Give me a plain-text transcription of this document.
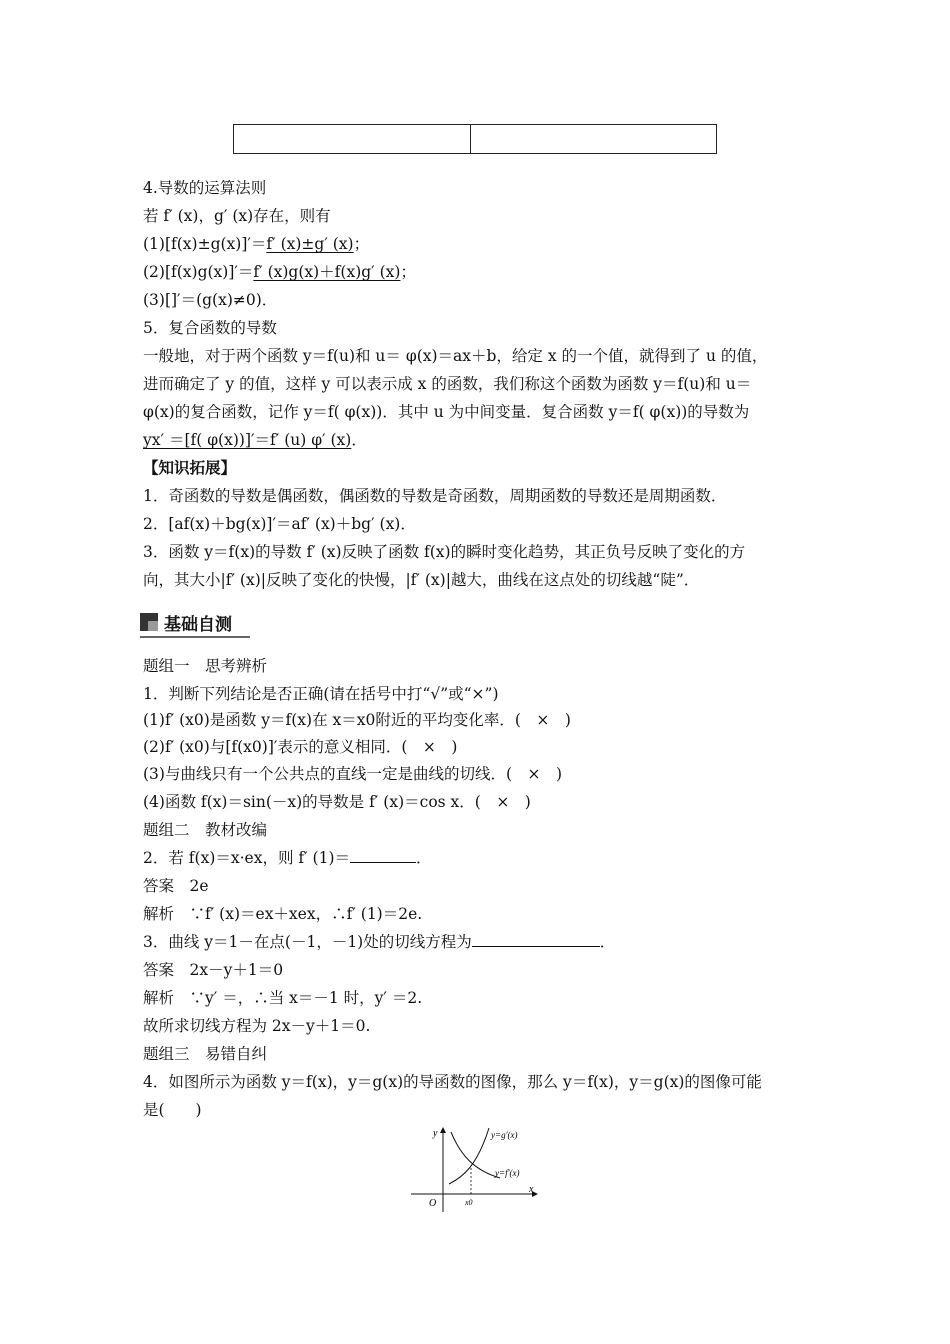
4.导数的运算法则
若 f′ (x)，g′ (x)存在，则有
(1)[f(x)±g(x)]′＝f′ (x)±g′ (x)；
(2)[f(x)g(x)]′＝f′ (x)g(x)＋f(x)g′ (x)；
(3)[]′＝(g(x)≠0)．
5．复合函数的导数
一般地，对于两个函数 y＝f(u)和 u＝ φ(x)＝ax＋b，给定 x 的一个值，就得到了 u 的值，
进而确定了 y 的值，这样 y 可以表示成 x 的函数，我们称这个函数为函数 y＝f(u)和 u＝
φ(x)的复合函数，记作 y＝f( φ(x))．其中 u 为中间变量．复合函数 y＝f( φ(x))的导数为
yx′ ＝[f( φ(x))]′＝f′ (u) φ′ (x)．
【知识拓展】
1．奇函数的导数是偶函数，偶函数的导数是奇函数，周期函数的导数还是周期函数．
2．[af(x)＋bg(x)]′＝af′ (x)＋bg′ (x)．
3．函数 y＝f(x)的导数 f′ (x)反映了函数 f(x)的瞬时变化趋势，其正负号反映了变化的方
向，其大小|f′ (x)|反映了变化的快慢，|f′ (x)|越大，曲线在这点处的切线越“陡”．
基础自测
题组一　思考辨析
1．判断下列结论是否正确(请在括号中打“√”或“×”)
(1)f′ (x0)是函数 y＝f(x)在 x＝x0附近的平均变化率．(　×　)
(2)f′ (x0)与[f(x0)]′表示的意义相同．(　×　)
(3)与曲线只有一个公共点的直线一定是曲线的切线．(　×　)
(4)函数 f(x)＝sin(－x)的导数是 f′ (x)＝cos x．(　×　)
题组二　教材改编
2．若 f(x)＝x·ex，则 f′ (1)＝	．
答案　2e
解析　∵f′ (x)＝ex＋xex，∴f′ (1)＝2e.
3．曲线 y＝1－在点(－1，－1)处的切线方程为	．
答案　2x－y＋1＝0
解析　∵y′ ＝，∴当 x＝－1 时，y′ ＝2.
故所求切线方程为 2x－y＋1＝0.
题组三　易错自纠
4．如图所示为函数 y＝f(x)，y＝g(x)的导函数的图像，那么 y＝f(x)，y＝g(x)的图像可能
是(　　)
y
x
O	x0
y=g′(x)
y=f′(x)
